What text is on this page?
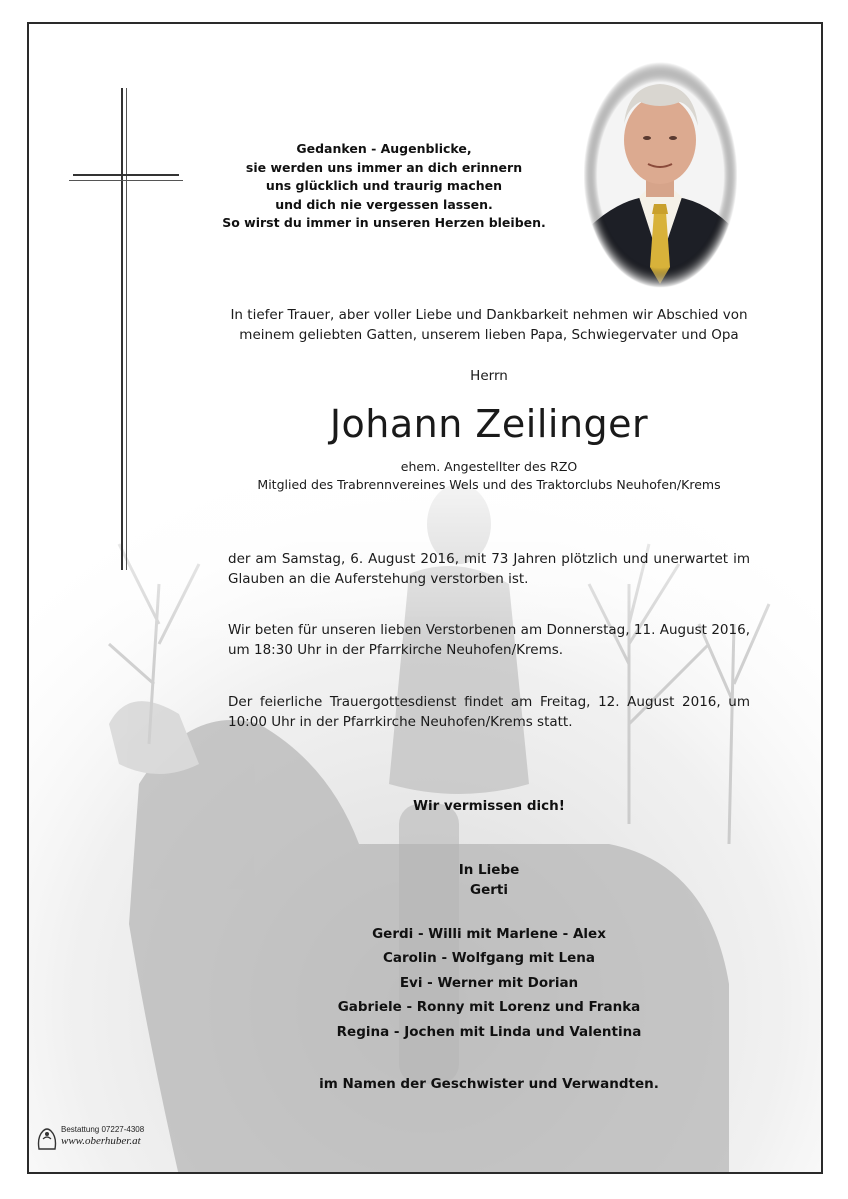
Gedanken - Augenblicke,
sie werden uns immer an dich erinnern
uns glücklich und traurig machen
und dich nie vergessen lassen.
So wirst du immer in unseren Herzen bleiben.
In tiefer Trauer, aber voller Liebe und Dankbarkeit nehmen wir Abschied von
meinem geliebten Gatten, unserem lieben Papa, Schwiegervater und Opa
Herrn
Johann Zeilinger
ehem. Angestellter des RZO
Mitglied des Trabrennvereines Wels und des Traktorclubs Neuhofen/Krems
der am Samstag, 6. August 2016, mit 73 Jahren plötzlich und unerwartet im Glauben an die Auferstehung verstorben ist.
Wir beten für unseren lieben Verstorbenen am Donnerstag, 11. August 2016, um 18:30 Uhr in der Pfarrkirche Neuhofen/Krems.
Der feierliche Trauergottesdienst findet am Freitag, 12. August 2016, um 10:00 Uhr in der Pfarrkirche Neuhofen/Krems statt.
Wir vermissen dich!
In Liebe
Gerti
Gerdi - Willi mit Marlene - Alex
Carolin - Wolfgang mit Lena
Evi - Werner mit Dorian
Gabriele - Ronny mit Lorenz und Franka
Regina - Jochen mit Linda und Valentina
im Namen der Geschwister und Verwandten.
Bestattung 07227-4308
www.oberhuber.at
